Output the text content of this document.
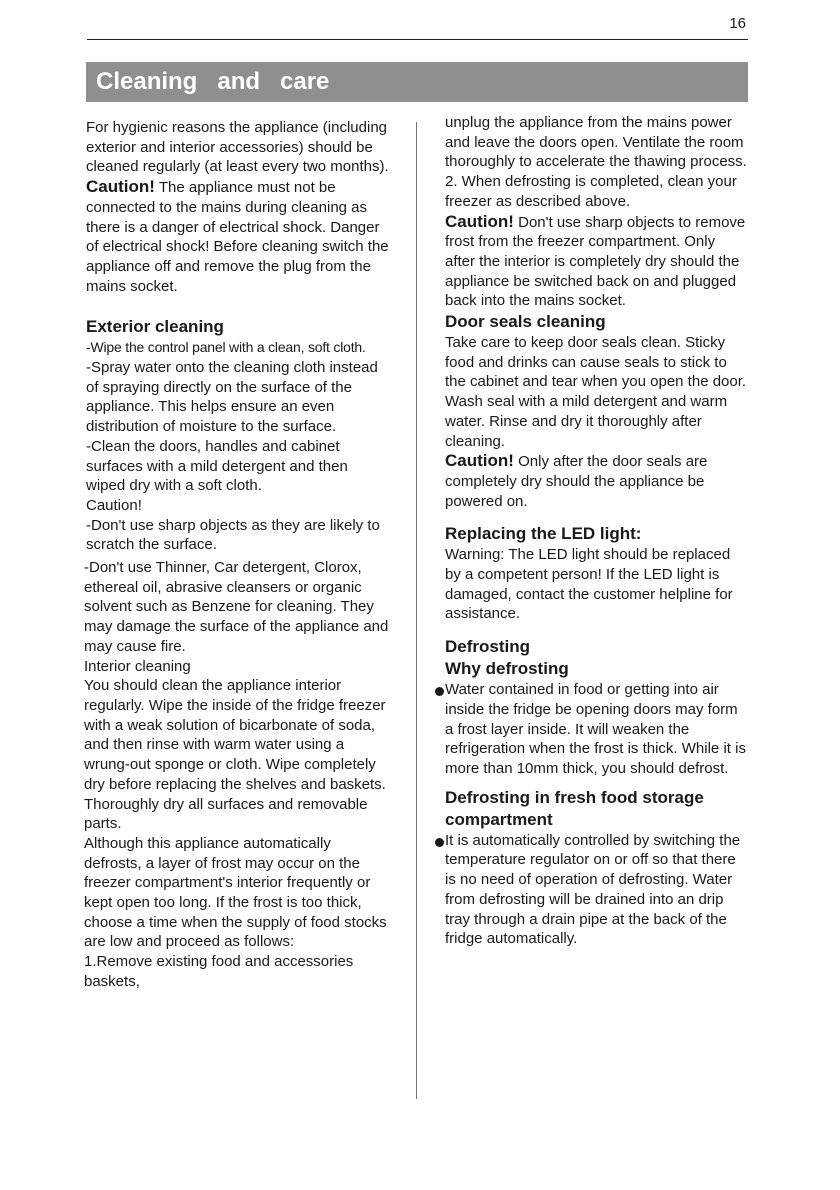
16
Cleaning   and   care

For hygienic reasons the appliance (including exterior and interior accessories) should be cleaned regularly (at least every two months).

Caution! The appliance must not be connected to the mains during cleaning as there is a danger of electrical shock. Danger of electrical shock! Before cleaning switch the appliance off and remove the plug from the mains socket.

Exterior cleaning

-Wipe the control panel with a clean, soft cloth.

-Spray water onto the cleaning cloth instead of spraying directly on the surface of the appliance. This helps ensure an even distribution of moisture to the surface.

-Clean the doors, handles and cabinet surfaces with a mild detergent and then wiped dry with a soft cloth.

Caution!

-Don't use sharp objects as they are likely to scratch the surface.

-Don't use Thinner, Car detergent, Clorox, ethereal oil, abrasive cleansers or organic solvent such as Benzene for cleaning. They may damage the surface of the appliance and may cause fire.

Interior cleaning

You should clean the appliance interior regularly. Wipe the inside of the fridge freezer with a weak solution of bicarbonate of soda, and then rinse with warm water using a wrung-out sponge or cloth. Wipe completely dry before replacing the shelves and baskets. Thoroughly dry all surfaces and removable parts.

Although this appliance automatically defrosts, a layer of frost may occur on the freezer compartment's interior frequently or kept open too long. If the frost is too thick, choose a time when the supply of food stocks are low and proceed as follows:

1.Remove existing food and accessories baskets,

unplug the appliance from the mains power and leave the doors open. Ventilate the room thoroughly to accelerate the thawing process.

2. When defrosting is completed, clean your freezer as described above.

Caution! Don't use sharp objects to remove frost from the freezer compartment. Only after the interior is completely dry should the appliance be switched back on and plugged back into the mains socket.

Door seals cleaning

Take care to keep door seals clean. Sticky food and drinks can cause seals to stick to the cabinet and tear when you open the door. Wash seal with a mild detergent and warm water. Rinse and dry it thoroughly after cleaning.

Caution! Only after the door seals are completely dry should the appliance be powered on.

Replacing the LED light:

Warning: The LED light should be replaced by a competent person! If the LED light is damaged, contact the customer helpline for assistance.

Defrosting
Why defrosting

Water contained in food or getting into air inside the fridge be opening doors may form a frost layer inside. It will weaken the refrigeration when the frost is thick. While it is more than 10mm thick, you should defrost.

Defrosting in fresh food storage compartment

It is automatically controlled by switching the temperature regulator on or off so that there is no need of operation of defrosting. Water from defrosting will be drained into an drip tray through a drain pipe at the back of the fridge automatically.
